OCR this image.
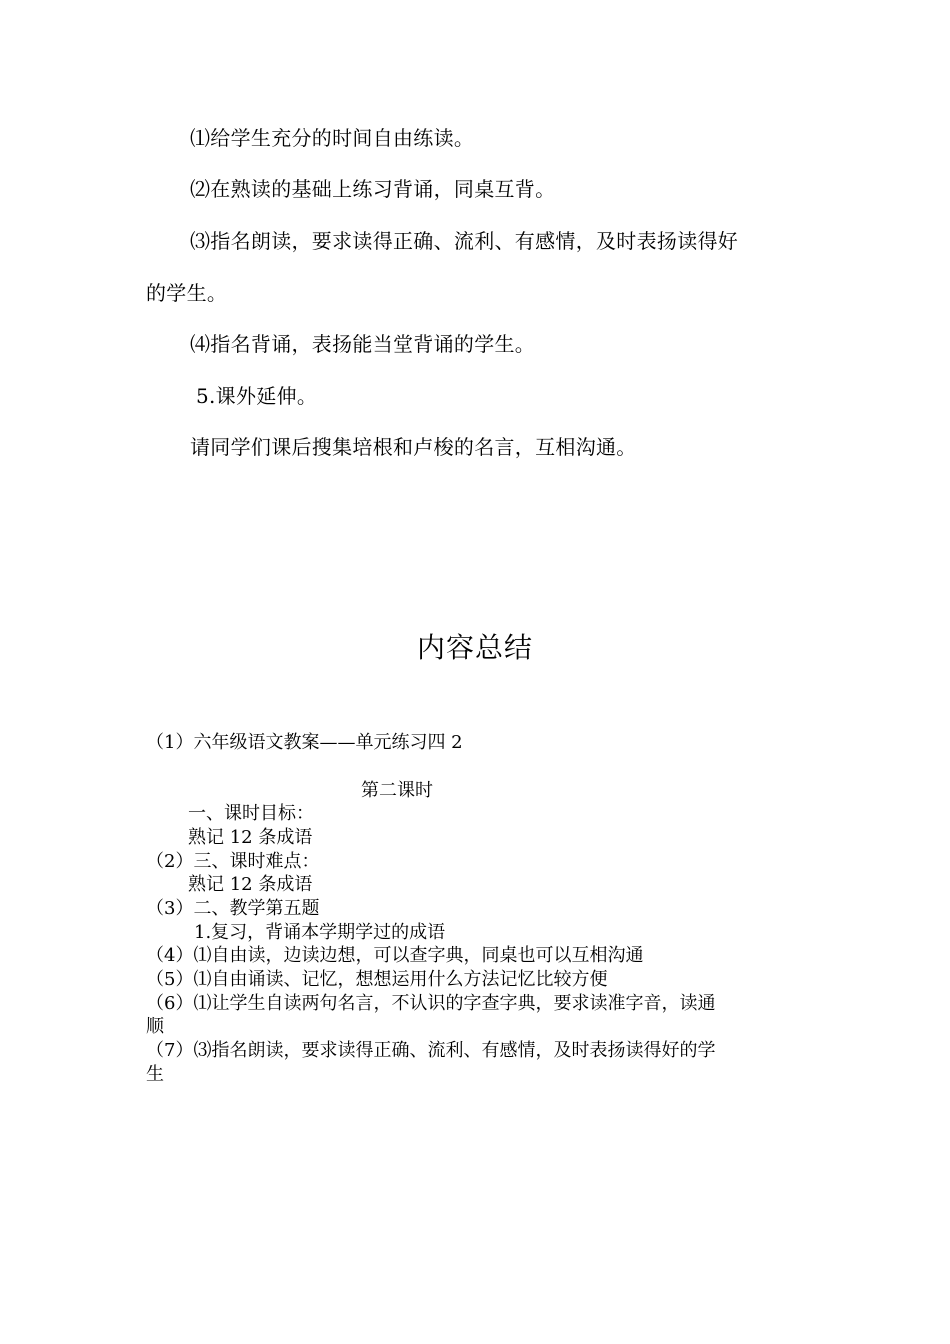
⑴给学生充分的时间自由练读。
⑵在熟读的基础上练习背诵，同桌互背。
⑶指名朗读，要求读得正确、流利、有感情，及时表扬读得好
的学生。
⑷指名背诵，表扬能当堂背诵的学生。
5.课外延伸。
请同学们课后搜集培根和卢梭的名言，互相沟通。
内容总结
（1）六年级语文教案——单元练习四 2
第二课时
一、课时目标：
熟记 12 条成语
（2）三、课时难点：
熟记 12 条成语
（3）二、教学第五题
1.复习，背诵本学期学过的成语
（4）⑴自由读，边读边想，可以查字典，同桌也可以互相沟通
（5）⑴自由诵读、记忆，想想运用什么方法记忆比较方便
（6）⑴让学生自读两句名言，不认识的字查字典，要求读准字音，读通
顺
（7）⑶指名朗读，要求读得正确、流利、有感情，及时表扬读得好的学
生
